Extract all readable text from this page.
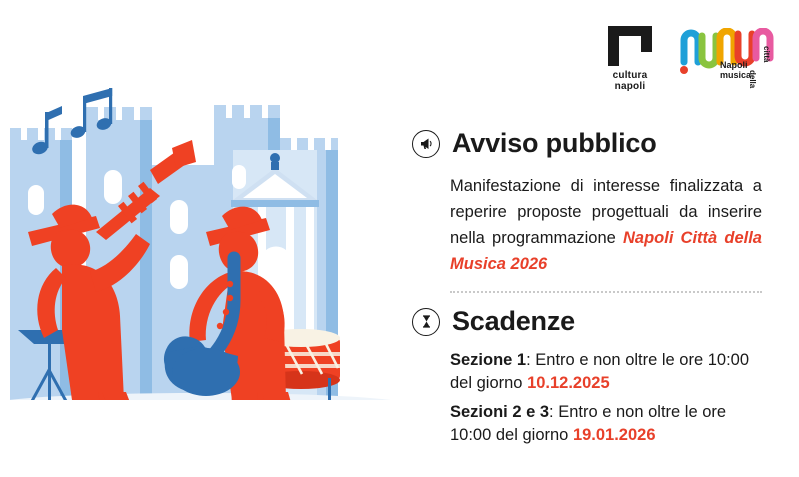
cultura
napoli
Napoli
musica
città
della
Avviso pubblico
Manifestazione di interesse finalizzata a reperire proposte progettuali da inserire nella programmazione Napoli Città della Musica 2026
Scadenze
Sezione 1: Entro e non oltre le ore 10:00 del giorno 10.12.2025
Sezioni 2 e 3: Entro e non oltre le ore 10:00 del giorno 19.01.2026
